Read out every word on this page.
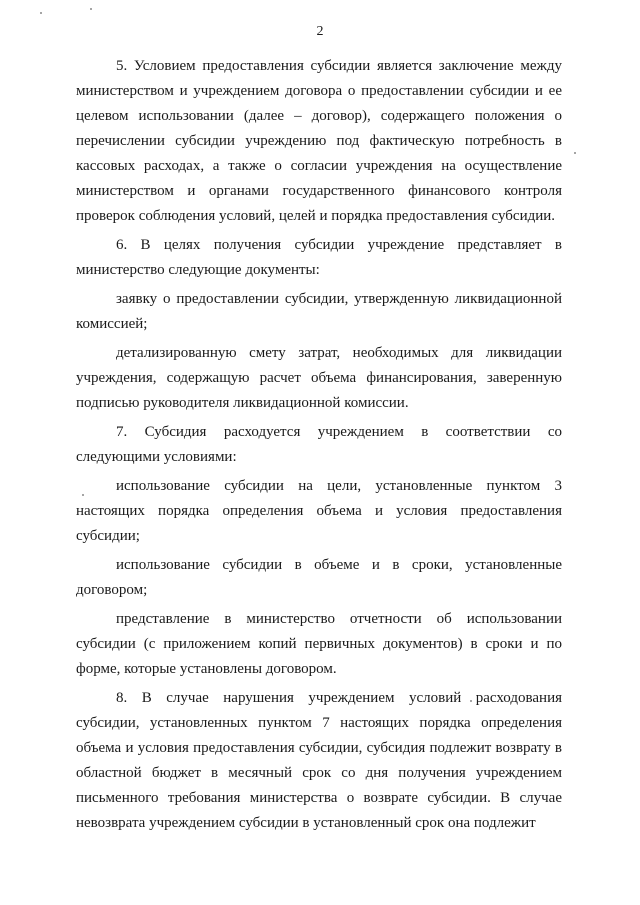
2

5. Условием предоставления субсидии является заключение между министерством и учреждением договора о предоставлении субсидии и ее целевом использовании (далее – договор), содержащего положения о перечислении субсидии учреждению под фактическую потребность в кассовых расходах, а также о согласии учреждения на осуществление министерством и органами государственного финансового контроля проверок соблюдения условий, целей и порядка предоставления субсидии.

6. В целях получения субсидии учреждение представляет в министерство следующие документы:

заявку о предоставлении субсидии, утвержденную ликвидационной комиссией;

детализированную смету затрат, необходимых для ликвидации учреждения, содержащую расчет объема финансирования, заверенную подписью руководителя ликвидационной комиссии.

7. Субсидия расходуется учреждением в соответствии со следующими условиями:

использование субсидии на цели, установленные пунктом 3 настоящих порядка определения объема и условия предоставления субсидии;

использование субсидии в объеме и в сроки, установленные договором;

представление в министерство отчетности об использовании субсидии (с приложением копий первичных документов) в сроки и по форме, которые установлены договором.

8. В случае нарушения учреждением условий расходования субсидии, установленных пунктом 7 настоящих порядка определения объема и условия предоставления субсидии, субсидия подлежит возврату в областной бюджет в месячный срок со дня получения учреждением письменного требования министерства о возврате субсидии. В случае невозврата учреждением субсидии в установленный срок она подлежит
